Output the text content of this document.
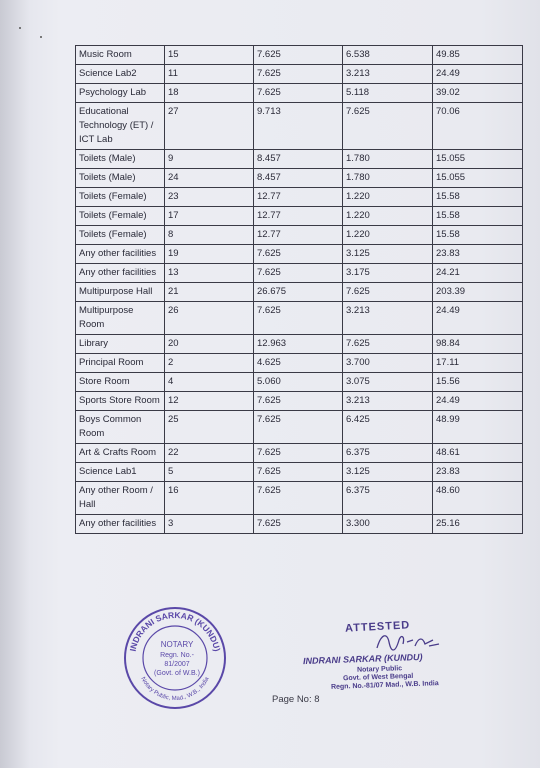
Music Room	15	7.625	6.538	49.85
Science Lab2	11	7.625	3.213	24.49
Psychology Lab	18	7.625	5.118	39.02
Educational Technology (ET) / ICT Lab	27	9.713	7.625	70.06
Toilets (Male)	9	8.457	1.780	15.055
Toilets (Male)	24	8.457	1.780	15.055
Toilets (Female)	23	12.77	1.220	15.58
Toilets (Female)	17	12.77	1.220	15.58
Toilets (Female)	8	12.77	1.220	15.58
Any other facilities	19	7.625	3.125	23.83
Any other facilities	13	7.625	3.175	24.21
Multipurpose Hall	21	26.675	7.625	203.39
Multipurpose Room	26	7.625	3.213	24.49
Library	20	12.963	7.625	98.84
Principal Room	2	4.625	3.700	17.11
Store Room	4	5.060	3.075	15.56
Sports Store Room	12	7.625	3.213	24.49
Boys Common Room	25	7.625	6.425	48.99
Art & Crafts Room	22	7.625	6.375	48.61
Science Lab1	5	7.625	3.125	23.83
Any other Room / Hall	16	7.625	6.375	48.60
Any other facilities	3	7.625	3.300	25.16
INDRANI SARKAR (KUNDU)
Notary Public, Mad., W.B., India
NOTARY
Regn. No.-
81/2007
(Govt. of W.B.)
ATTESTED
INDRANI SARKAR (KUNDU)
Notary Public
Govt. of West Bengal
Regn. No.-81/07 Mad., W.B. India
Page No: 8
